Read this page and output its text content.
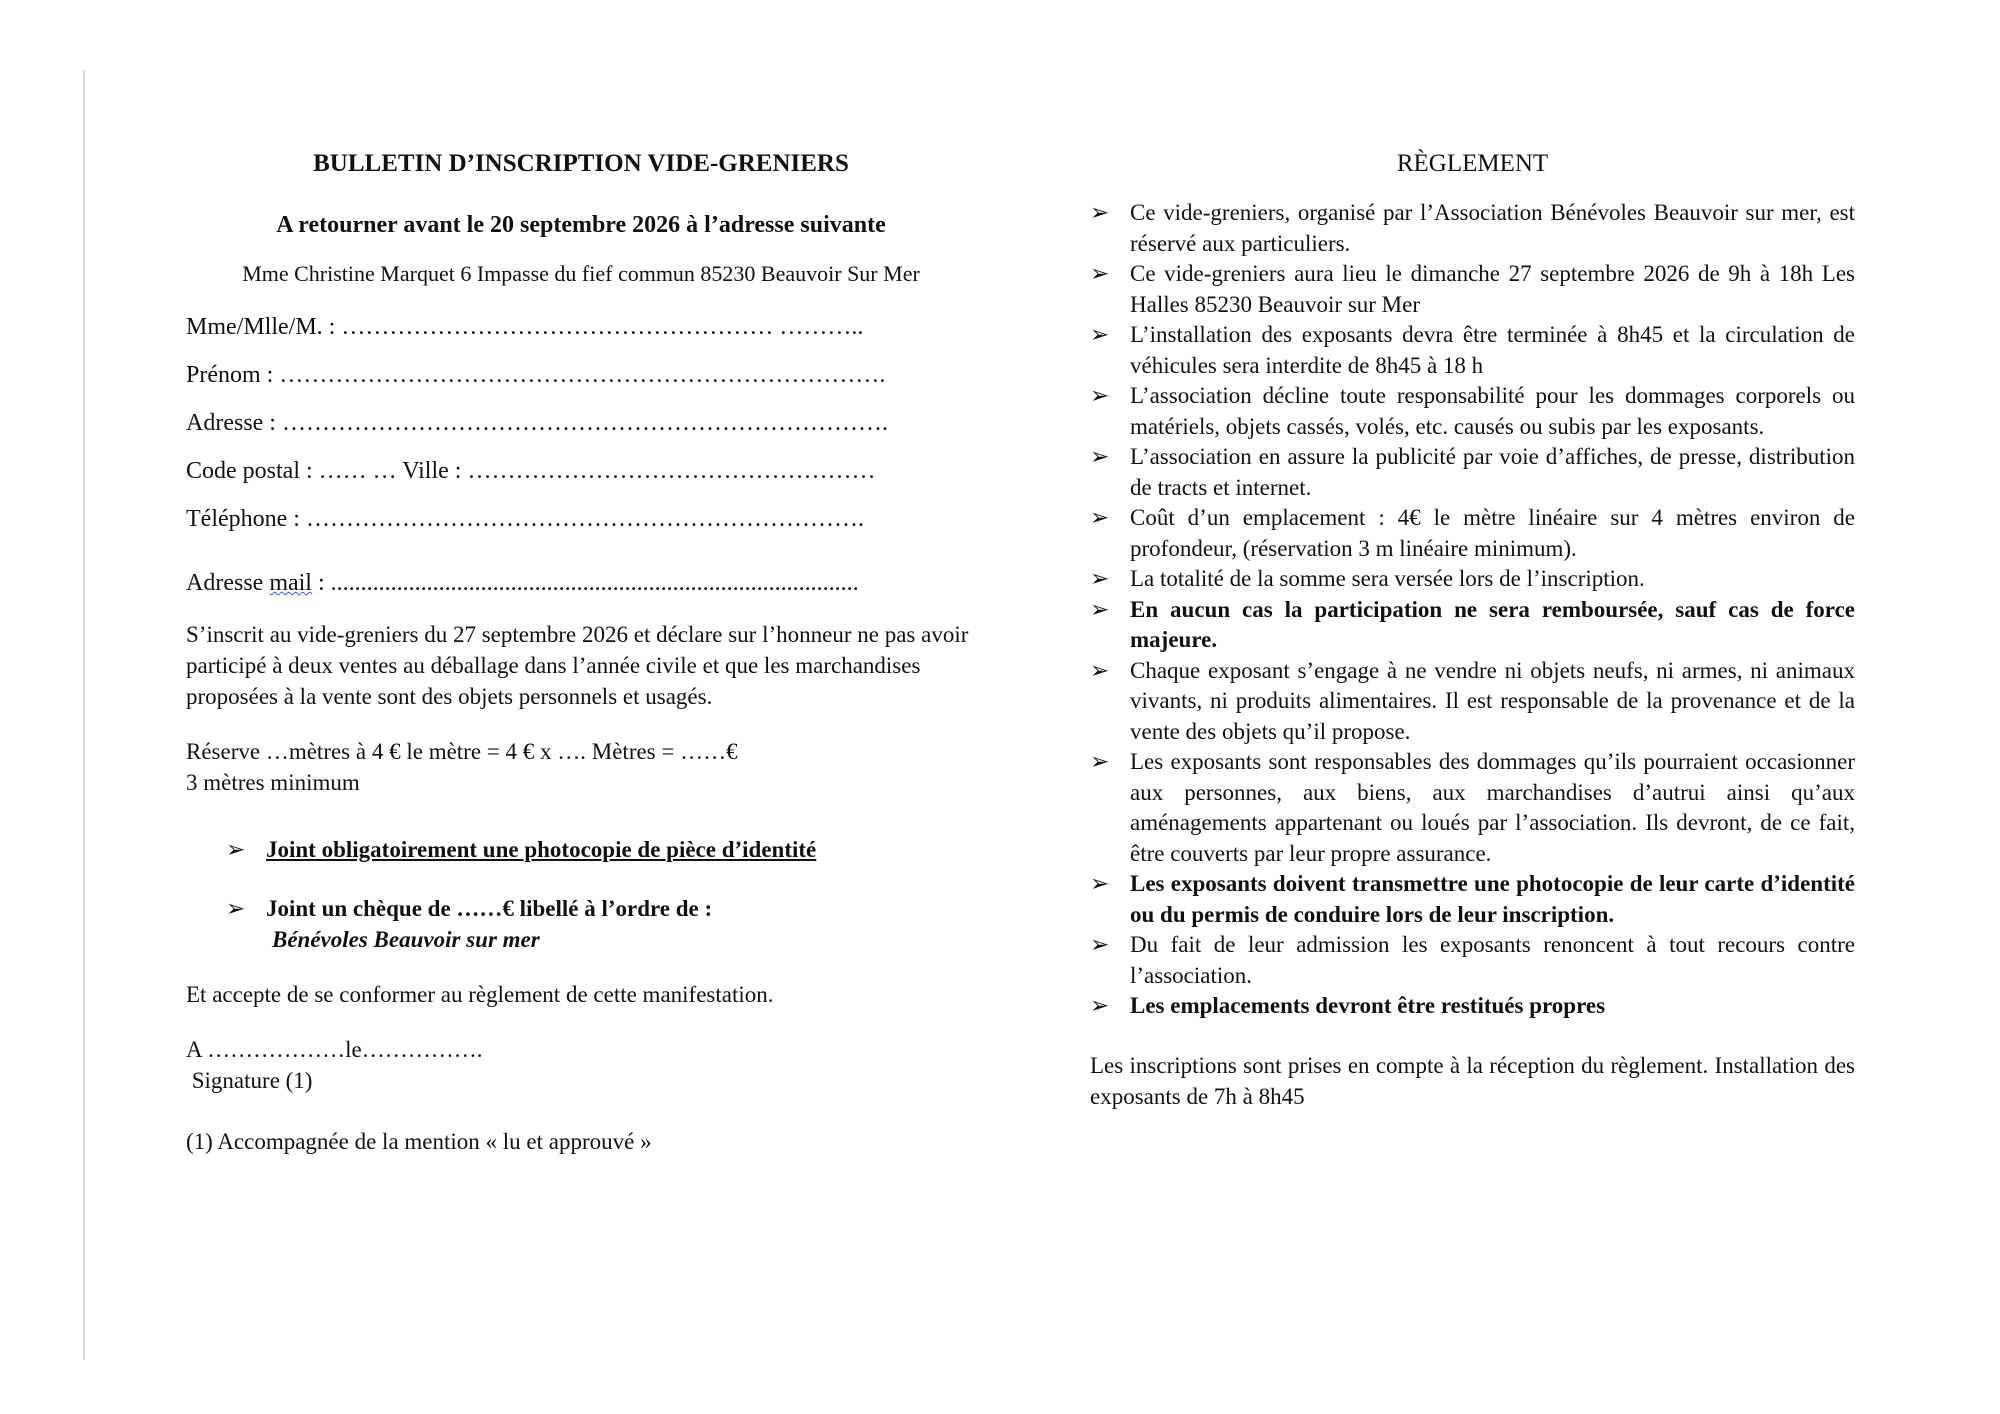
BULLETIN D’INSCRIPTION VIDE-GRENIERS
A retourner avant le 20 septembre 2026 à l’adresse suivante
Mme Christine Marquet 6 Impasse du fief commun 85230 Beauvoir Sur Mer
Mme/Mlle/M. : ……………………………………………… ………..
Prénom : ………………………………………………………………….
Adresse : ………………………………………………………………….
Code postal : …… … Ville : ……………………………………………
Téléphone : …………………………………………………………….
Adresse mail : ........................................................................................
S’inscrit au vide-greniers du 27 septembre 2026 et déclare sur l’honneur ne pas avoir participé à deux ventes au déballage dans l’année civile et que les marchandises proposées à la vente sont des objets personnels et usagés.
Réserve …mètres à 4 € le mètre = 4 € x …. Mètres = ……€
3 mètres minimum
➢ Joint obligatoirement une photocopie de pièce d’identité
➢ Joint un chèque de ……€ libellé à l’ordre de :
Bénévoles Beauvoir sur mer
Et accepte de se conformer au règlement de cette manifestation.
A ………………le…………….
Signature (1)
(1) Accompagnée de la mention « lu et approuvé »
RÈGLEMENT
➢ Ce vide-greniers, organisé par l’Association Bénévoles Beauvoir sur mer, est réservé aux particuliers.
➢ Ce vide-greniers aura lieu le dimanche 27 septembre 2026 de 9h à 18h Les Halles 85230 Beauvoir sur Mer
➢ L’installation des exposants devra être terminée à 8h45 et la circulation de véhicules sera interdite de 8h45 à 18 h
➢ L’association décline toute responsabilité pour les dommages corporels ou matériels, objets cassés, volés, etc. causés ou subis par les exposants.
➢ L’association en assure la publicité par voie d’affiches, de presse, distribution de tracts et internet.
➢ Coût d’un emplacement : 4€ le mètre linéaire sur 4 mètres environ de profondeur, (réservation 3 m linéaire minimum).
➢ La totalité de la somme sera versée lors de l’inscription.
➢ En aucun cas la participation ne sera remboursée, sauf cas de force majeure.
➢ Chaque exposant s’engage à ne vendre ni objets neufs, ni armes, ni animaux vivants, ni produits alimentaires. Il est responsable de la provenance et de la vente des objets qu’il propose.
➢ Les exposants sont responsables des dommages qu’ils pourraient occasionner aux personnes, aux biens, aux marchandises d’autrui ainsi qu’aux aménagements appartenant ou loués par l’association. Ils devront, de ce fait, être couverts par leur propre assurance.
➢ Les exposants doivent transmettre une photocopie de leur carte d’identité ou du permis de conduire lors de leur inscription.
➢ Du fait de leur admission les exposants renoncent à tout recours contre l’association.
➢ Les emplacements devront être restitués propres
Les inscriptions sont prises en compte à la réception du règlement. Installation des exposants de 7h à 8h45
